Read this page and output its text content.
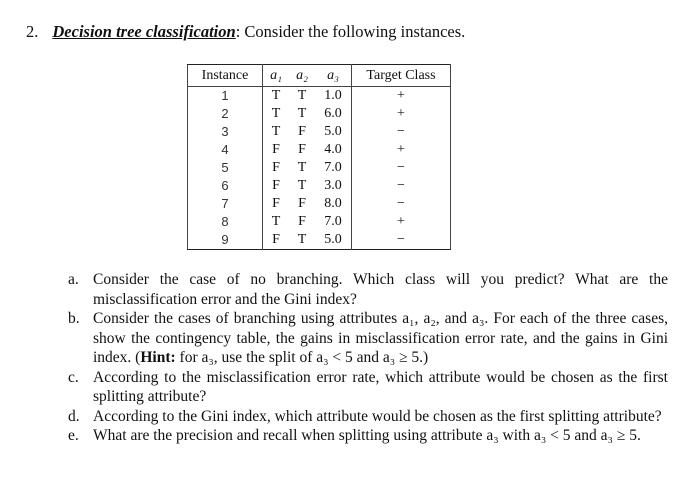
2. Decision tree classification: Consider the following instances.
Instance	a₁	a₂	a₃	Target Class
1	T	T	1.0	+
2	T	T	6.0	+
3	T	F	5.0	−
4	F	F	4.0	+
5	F	T	7.0	−
6	F	T	3.0	−
7	F	F	8.0	−
8	T	F	7.0	+
9	F	T	5.0	−
a. Consider the case of no branching. Which class will you predict? What are the misclassification error and the Gini index?
b. Consider the cases of branching using attributes a₁, a₂, and a₃. For each of the three cases, show the contingency table, the gains in misclassification error rate, and the gains in Gini index. (Hint: for a₃, use the split of a₃ < 5 and a₃ ≥ 5.)
c. According to the misclassification error rate, which attribute would be chosen as the first splitting attribute?
d. According to the Gini index, which attribute would be chosen as the first splitting attribute?
e. What are the precision and recall when splitting using attribute a₃ with a₃ < 5 and a₃ ≥ 5.
